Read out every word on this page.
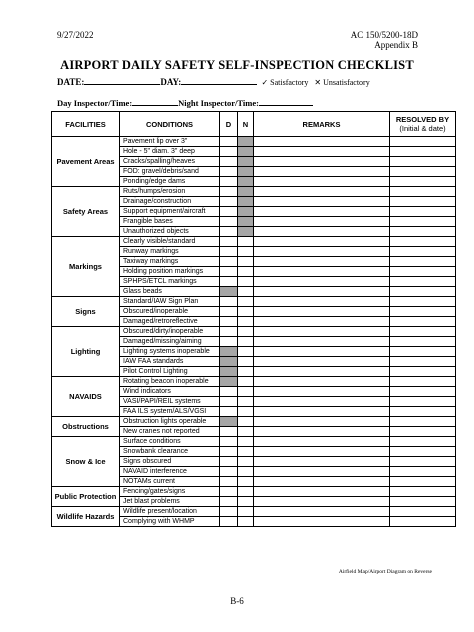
9/27/2022	AC 150/5200-18D
Appendix B
AIRPORT DAILY SAFETY SELF-INSPECTION CHECKLIST
DATE:	DAY:	✓ Satisfactory ✕ Unsatisfactory
Day Inspector/Time:	Night Inspector/Time:
FACILITIES	CONDITIONS	D	N	REMARKS	RESOLVED BY
(Initial & date)

Pavement Areas	Pavement lip over 3"				
	Hole - 5" diam. 3" deep				
	Cracks/spalling/heaves				
	FOD: gravel/debris/sand				
	Ponding/edge dams				
Safety Areas	Ruts/humps/erosion				
	Drainage/construction				
	Support equipment/aircraft				
	Frangible bases				
	Unauthorized objects				
Markings	Clearly visible/standard				
	Runway markings				
	Taxiway markings				
	Holding position markings				
	SPHPS/ETCL markings				
	Glass beads				
Signs	Standard/IAW Sign Plan				
	Obscured/inoperable				
	Damaged/retroreflective				
Lighting	Obscured/dirty/inoperable				
	Damaged/missing/aiming				
	Lighting systems inoperable				
	IAW FAA standards				
	Pilot Control Lighting				
NAVAIDS	Rotating beacon inoperable				
	Wind indicators				
	VASI/PAPI/REIL systems				
	FAA ILS system/ALS/VGSI				
Obstructions	Obstruction lights operable				
	New cranes not reported				
Snow & Ice	Surface conditions				
	Snowbank clearance				
	Signs obscured				
	NAVAID interference				
	NOTAMs current				
Public Protection	Fencing/gates/signs				
	Jet blast problems				
Wildlife Hazards	Wildlife present/location				
	Complying with WHMP				
Airfield Map/Airport Diagram on Reverse
B-6
